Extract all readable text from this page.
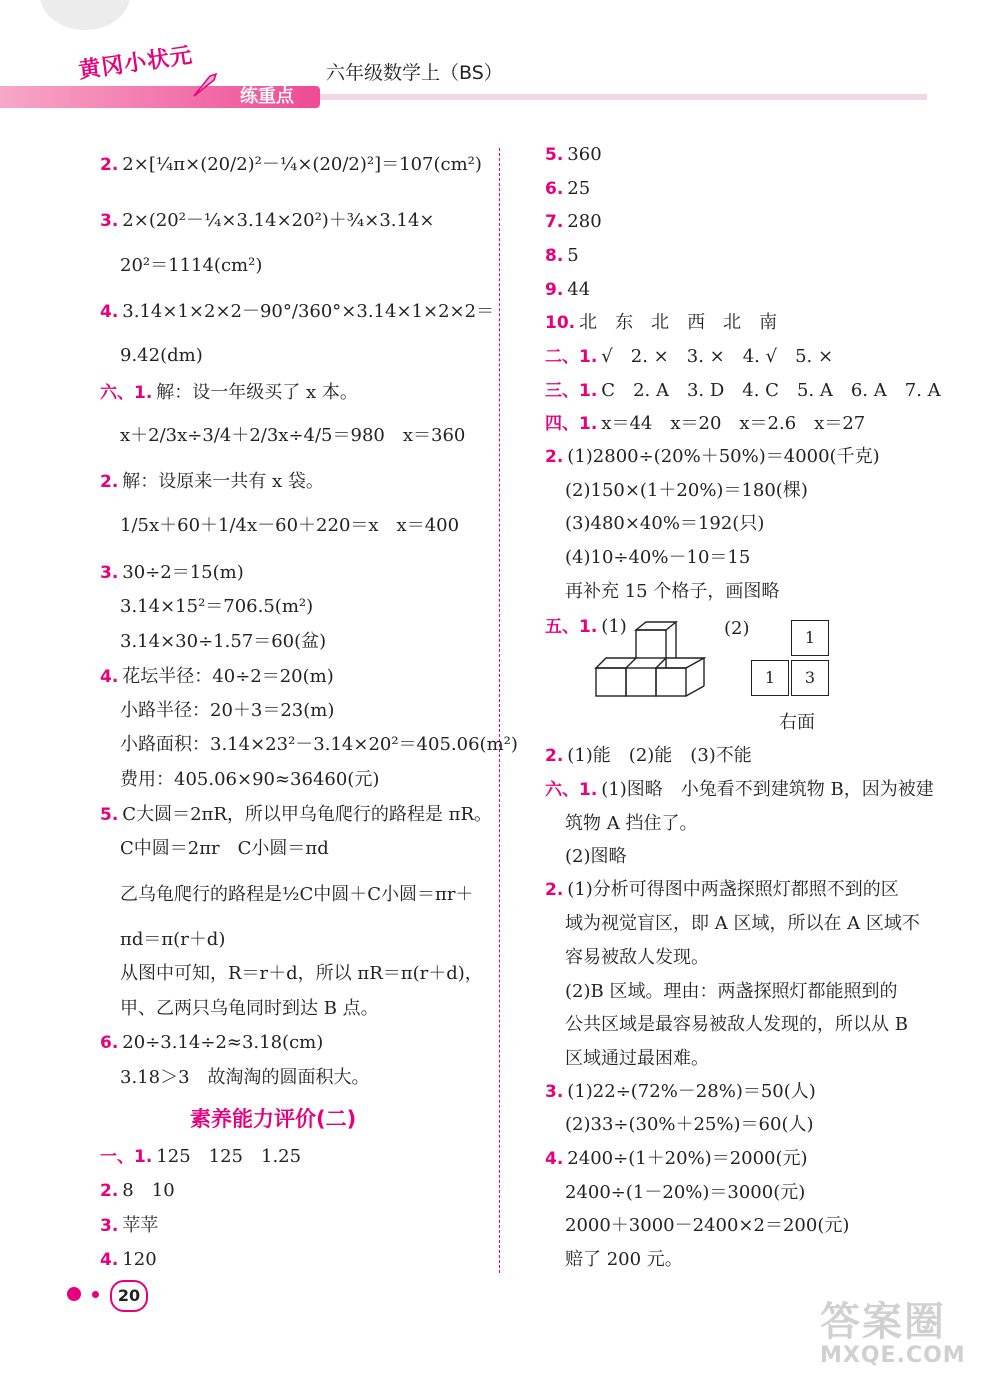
黄冈小状元
练重点
六年级数学上（BS）
2. 2×[¼π×(20/2)²－¼×(20/2)²]＝107(cm²)
3. 2×(20²－¼×3.14×20²)＋¾×3.14×
20²＝1114(cm²)
4. 3.14×1×2×2－90°/360°×3.14×1×2×2＝
9.42(dm)
六、1. 解：设一年级买了 x 本。
x＋2/3x÷3/4＋2/3x÷4/5＝980　x＝360
2. 解：设原来一共有 x 袋。
1/5x＋60＋1/4x－60＋220＝x　x＝400
3. 30÷2＝15(m)
3.14×15²＝706.5(m²)
3.14×30÷1.57＝60(盆)
4. 花坛半径：40÷2＝20(m)
小路半径：20＋3＝23(m)
小路面积：3.14×23²－3.14×20²＝405.06(m²)
费用：405.06×90≈36460(元)
5. C大圆＝2πR，所以甲乌龟爬行的路程是 πR。
C中圆＝2πr　C小圆＝πd
乙乌龟爬行的路程是½C中圆＋C小圆＝πr＋
πd＝π(r＋d)
从图中可知，R＝r＋d，所以 πR＝π(r＋d)，
甲、乙两只乌龟同时到达 B 点。
6. 20÷3.14÷2≈3.18(cm)
3.18＞3　故淘淘的圆面积大。
素养能力评价(二)
一、1. 125　125　1.25
2. 8　10
3. 苹苹
4. 120
5. 360
6. 25
7. 280
8. 5
9. 44
10. 北　东　北　西　北　南
二、1. √　2. ×　3. ×　4. √　5. ×
三、1. C　2. A　3. D　4. C　5. A　6. A　7. A
四、1. x＝44　x＝20　x＝2.6　x＝27
2. (1)2800÷(20%＋50%)＝4000(千克)
(2)150×(1＋20%)＝180(棵)
(3)480×40%＝192(只)
(4)10÷40%－10＝15
再补充 15 个格子，画图略
五、1. (1)	(2)	1
1	3
右面
2. (1)能　(2)能　(3)不能
六、1. (1)图略　小兔看不到建筑物 B，因为被建
筑物 A 挡住了。
(2)图略
2. (1)分析可得图中两盏探照灯都照不到的区
域为视觉盲区，即 A 区域，所以在 A 区域不
容易被敌人发现。
(2)B 区域。理由：两盏探照灯都能照到的
公共区域是最容易被敌人发现的，所以从 B
区域通过最困难。
3. (1)22÷(72%－28%)＝50(人)
(2)33÷(30%＋25%)＝60(人)
4. 2400÷(1＋20%)＝2000(元)
2400÷(1－20%)＝3000(元)
2000＋3000－2400×2＝200(元)
赔了 200 元。
20
答案圈
MXQE.COM
